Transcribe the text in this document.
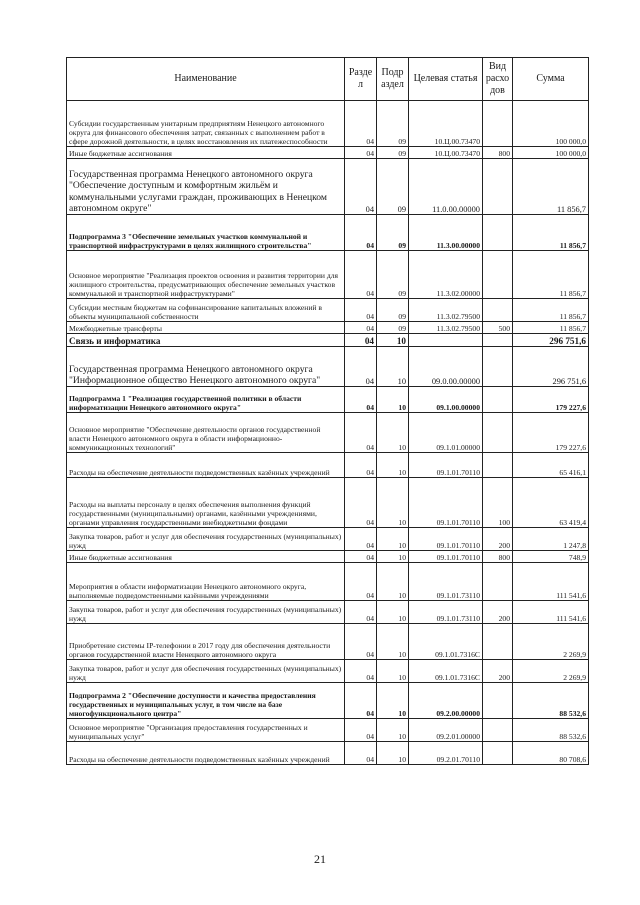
Наименование	Разде л	Подр аздел	Целевая статья	Вид расхо дов	Сумма
Субсидии государственным унитарным предприятиям Ненецкого автономного округа для финансового обеспечения затрат, связанных с выполнением работ в сфере дорожной деятельности, в целях восстановления их платежеспособности	04	09	10.Ц.00.73470		100 000,0
Иные бюджетные ассигнования	04	09	10.Ц.00.73470	800	100 000,0
Государственная программа Ненецкого автономного округа "Обеспечение доступным и комфортным жильём и коммунальными услугами граждан, проживающих в Ненецком автономном округе"	04	09	11.0.00.00000		11 856,7
Подпрограмма 3 "Обеспечение земельных участков коммунальной и транспортной инфраструктурами в целях жилищного строительства"	04	09	11.3.00.00000		11 856,7
Основное мероприятие "Реализация проектов освоения и развития территории для жилищного строительства, предусматривающих обеспечение земельных участков коммунальной и транспортной инфраструктурами"	04	09	11.3.02.00000		11 856,7
Субсидии местным бюджетам на софинансирование капитальных вложений в объекты муниципальной собственности	04	09	11.3.02.79500		11 856,7
Межбюджетные трансферты	04	09	11.3.02.79500	500	11 856,7
Связь и информатика	04	10			296 751,6
Государственная программа Ненецкого автономного округа "Информационное общество Ненецкого автономного округа"	04	10	09.0.00.00000		296 751,6
Подпрограмма 1 "Реализация государственной политики в области информатизации Ненецкого автономного округа"	04	10	09.1.00.00000		179 227,6
Основное мероприятие "Обеспечение деятельности органов государственной власти Ненецкого автономного округа в области информационно-коммуникационных технологий"	04	10	09.1.01.00000		179 227,6
Расходы на обеспечение деятельности подведомственных казённых учреждений	04	10	09.1.01.70110		65 416,1
Расходы на выплаты персоналу в целях обеспечения выполнения функций государственными (муниципальными) органами, казёнными учреждениями, органами управления государственными внебюджетными фондами	04	10	09.1.01.70110	100	63 419,4
Закупка товаров, работ и услуг для обеспечения государственных (муниципальных) нужд	04	10	09.1.01.70110	200	1 247,8
Иные бюджетные ассигнования	04	10	09.1.01.70110	800	748,9
Мероприятия в области информатизации Ненецкого автономного округа, выполняемые подведомственными казёнными учреждениями	04	10	09.1.01.73110		111 541,6
Закупка товаров, работ и услуг для обеспечения государственных (муниципальных) нужд	04	10	09.1.01.73110	200	111 541,6
Приобретение системы IP-телефонии в 2017 году для обеспечения деятельности органов государственной власти Ненецкого автономного округа	04	10	09.1.01.7316C		2 269,9
Закупка товаров, работ и услуг для обеспечения государственных (муниципальных) нужд	04	10	09.1.01.7316C	200	2 269,9
Подпрограмма 2 "Обеспечение доступности и качества предоставления государственных и муниципальных услуг, в том числе на базе многофункционального центра"	04	10	09.2.00.00000		88 532,6
Основное мероприятие "Организация предоставления государственных и муниципальных услуг"	04	10	09.2.01.00000		88 532,6
Расходы на обеспечение деятельности подведомственных казённых учреждений	04	10	09.2.01.70110		80 708,6
21
